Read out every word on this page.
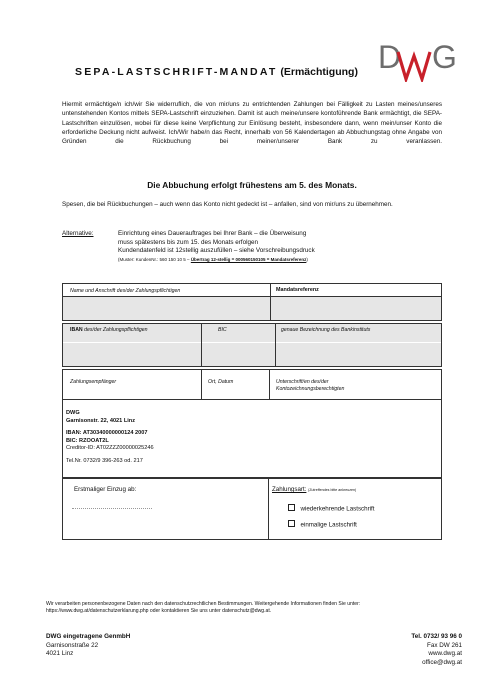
SEPA-LASTSCHRIFT-MANDAT (Ermächtigung) D G
Hiermit ermächtige/n ich/wir Sie widerruflich, die von mir/uns zu entrichtenden Zahlungen bei Fälligkeit zu Lasten meines/unseres untenstehenden Kontos mittels SEPA-Lastschrift einzuziehen. Damit ist auch meine/unsere kontoführende Bank ermächtigt, die SEPA- Lastschriften einzulösen, wobei für diese keine Verpflichtung zur Einlösung besteht, insbesondere dann, wenn mein/unser Konto die erforderliche Deckung nicht aufweist. Ich/Wir habe/n das Recht, innerhalb von 56 Kalendertagen ab Abbuchungstag ohne Angabe von Gründen die Rückbuchung bei meiner/unserer Bank zu veranlassen.
Die Abbuchung erfolgt frühestens am 5. des Monats.
Spesen, die bei Rückbuchungen – auch wenn das Konto nicht gedeckt ist – anfallen, sind von mir/uns zu übernehmen.
Alternative:	Einrichtung eines Dauerauftrages bei Ihrer Bank – die Überweisung
muss spätestens bis zum 15. des Monats erfolgen
Kundendatenfeld ist 12stellig auszufüllen – siehe Vorschreibungsdruck
(Muster: KundenNr.: 560 150 10 5 – Übertrag 12-stellig = 000560150105 = Mandatsreferenz)
Name und Anschrift des/der Zahlungspflichtigen	Mandatsreferenz
IBAN des/der Zahlungspflichtigen	BIC	genaue Bezeichnung des Bankinstituts
Zahlungsempfänger	Ort, Datum	Unterschrift/en des/der
Kontozeichnungsberechtigten
DWG
Garnisonstr. 22, 4021 Linz
IBAN: AT30340000000124 2007
BIC: RZOOAT2L
Creditor-ID: AT02ZZZ00000025246
Tel.Nr. 0732/9 396-263 od. 217
Erstmaliger Einzug ab:	Zahlungsart: (Zutreffendes bitte ankreuzen)
wiederkehrende Lastschrift
einmalige Lastschrift
Wir verarbeiten personenbezogene Daten nach den datenschutzrechtlichen Bestimmungen. Weitergehende Informationen finden Sie unter: https://www.dwg.at/datenschutzerklarung.php oder kontaktieren Sie uns unter datenschutz@dwg.at.
DWG eingetragene GenmbH
Garnisonstraße 22
4021 Linz
Tel. 0732/ 93 96 0
Fax DW 261
www.dwg.at
office@dwg.at
